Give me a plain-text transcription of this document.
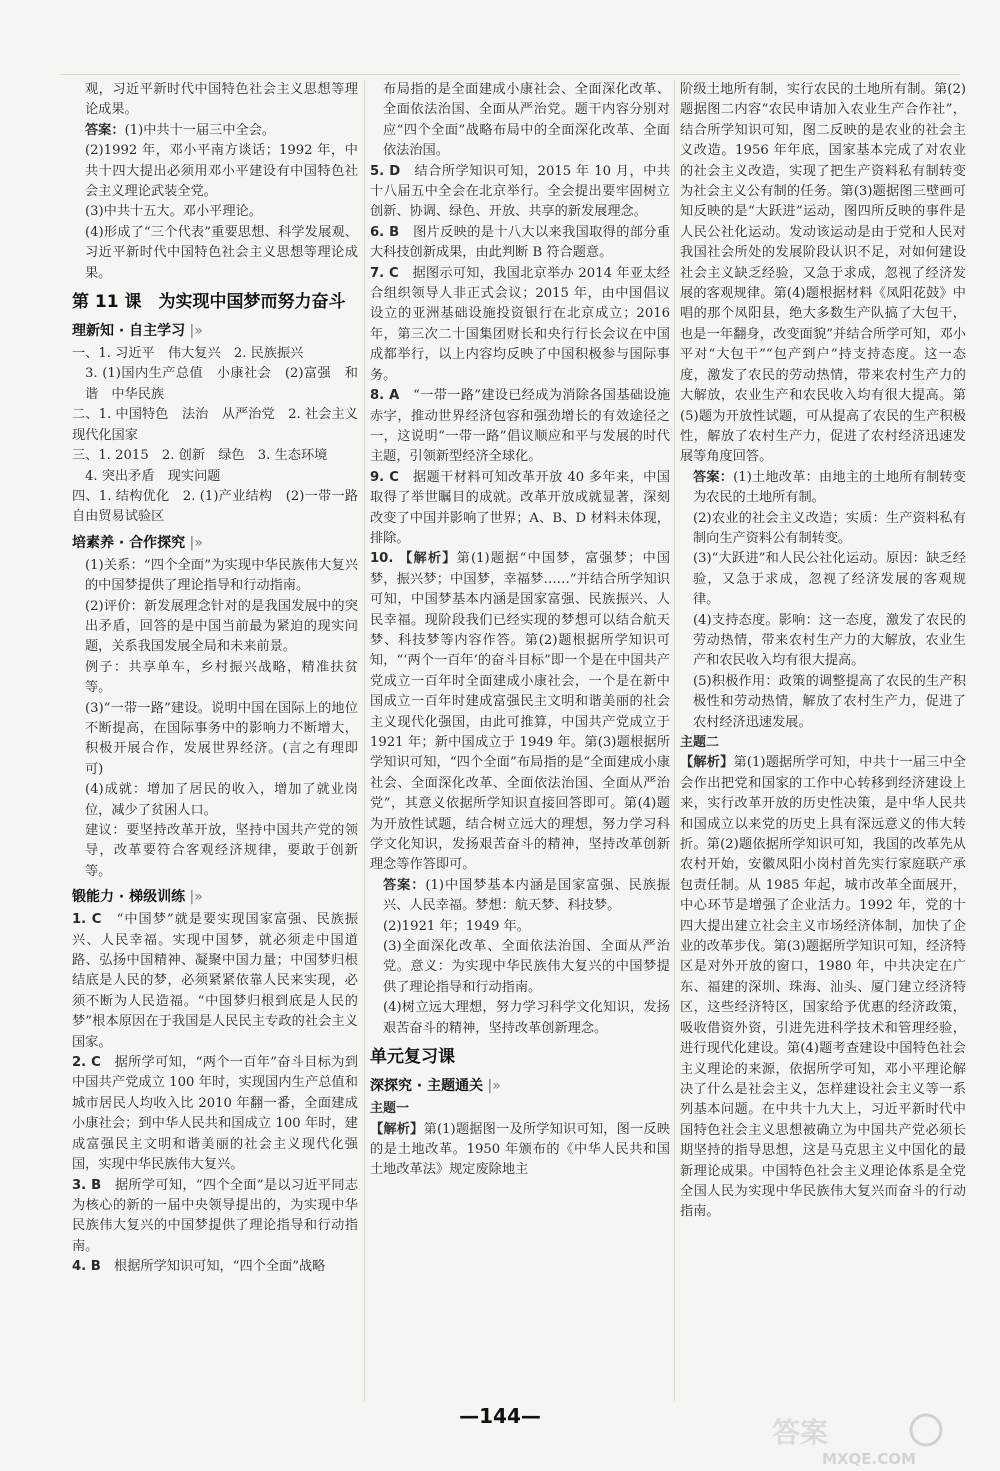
观，习近平新时代中国特色社会主义思想等理论成果。

答案：(1)中共十一届三中全会。

(2)1992 年，邓小平南方谈话；1992 年，中共十四大提出必须用邓小平建设有中国特色社会主义理论武装全党。

(3)中共十五大。邓小平理论。

(4)形成了“三个代表”重要思想、科学发展观、习近平新时代中国特色社会主义思想等理论成果。

第 11 课　为实现中国梦而努力奋斗
理新知 · 自主学习 |»

一、1. 习近平　伟大复兴　2. 民族振兴

3. (1)国内生产总值　小康社会　(2)富强　和谐　中华民族

二、1. 中国特色　法治　从严治党　2. 社会主义现代化国家

三、1. 2015　2. 创新　绿色　3. 生态环境

4. 突出矛盾　现实问题

四、1. 结构优化　2. (1)产业结构　(2)一带一路　自由贸易试验区

培素养 · 合作探究 |»

(1)关系：“四个全面”为实现中华民族伟大复兴的中国梦提供了理论指导和行动指南。

(2)评价：新发展理念针对的是我国发展中的突出矛盾，回答的是中国当前最为紧迫的现实问题，关系我国发展全局和未来前景。

例子：共享单车，乡村振兴战略，精准扶贫等。

(3)“一带一路”建设。说明中国在国际上的地位不断提高，在国际事务中的影响力不断增大，积极开展合作，发展世界经济。(言之有理即可)

(4)成就：增加了居民的收入，增加了就业岗位，减少了贫困人口。

建议：要坚持改革开放，坚持中国共产党的领导，改革要符合客观经济规律，要敢于创新等。

锻能力 · 梯级训练 |»

1. C　 “中国梦”就是要实现国家富强、民族振兴、人民幸福。实现中国梦，就必须走中国道路、弘扬中国精神、凝聚中国力量；中国梦归根结底是人民的梦，必须紧紧依靠人民来实现，必须不断为人民造福。“中国梦归根到底是人民的梦”根本原因在于我国是人民民主专政的社会主义国家。

2. C　 据所学可知，“两个一百年”奋斗目标为到中国共产党成立 100 年时，实现国内生产总值和城市居民人均收入比 2010 年翻一番，全面建成小康社会；到中华人民共和国成立 100 年时，建成富强民主文明和谐美丽的社会主义现代化强国，实现中华民族伟大复兴。

3. B　 据所学可知，“四个全面”是以习近平同志为核心的新的一届中央领导提出的，为实现中华民族伟大复兴的中国梦提供了理论指导和行动指南。

4. B　 根据所学知识可知，“四个全面”战略

布局指的是全面建成小康社会、全面深化改革、全面依法治国、全面从严治党。题干内容分别对应“四个全面”战略布局中的全面深化改革、全面依法治国。

5. D　 结合所学知识可知，2015 年 10 月，中共十八届五中全会在北京举行。全会提出要牢固树立创新、协调、绿色、开放、共享的新发展理念。

6. B　 图片反映的是十八大以来我国取得的部分重大科技创新成果，由此判断 B 符合题意。

7. C　 据图示可知，我国北京举办 2014 年亚太经合组织领导人非正式会议；2015 年，由中国倡议设立的亚洲基础设施投资银行在北京成立；2016 年，第三次二十国集团财长和央行行长会议在中国成都举行，以上内容均反映了中国积极参与国际事务。

8. A　 “一带一路”建设已经成为消除各国基础设施赤字，推动世界经济包容和强劲增长的有效途径之一，这说明“一带一路”倡议顺应和平与发展的时代主题，引领新型经济全球化。

9. C　 据题干材料可知改革开放 40 多年来，中国取得了举世瞩目的成就。改革开放成就显著，深刻改变了中国并影响了世界；A、B、D 材料未体现，排除。

10. 【解析】第(1)题据“中国梦，富强梦；中国梦，振兴梦；中国梦，幸福梦……”并结合所学知识可知，中国梦基本内涵是国家富强、民族振兴、人民幸福。现阶段我们已经实现的梦想可以结合航天梦、科技梦等内容作答。第(2)题根据所学知识可知，“‘两个一百年’的奋斗目标”即一个是在中国共产党成立一百年时全面建成小康社会，一个是在新中国成立一百年时建成富强民主文明和谐美丽的社会主义现代化强国，由此可推算，中国共产党成立于 1921 年；新中国成立于 1949 年。第(3)题根据所学知识可知，“四个全面”布局指的是“全面建成小康社会、全面深化改革、全面依法治国、全面从严治党”，其意义依据所学知识直接回答即可。第(4)题为开放性试题，结合树立远大的理想，努力学习科学文化知识，发扬艰苦奋斗的精神，坚持改革创新理念等作答即可。

答案：(1)中国梦基本内涵是国家富强、民族振兴、人民幸福。梦想：航天梦、科技梦。

(2)1921 年；1949 年。

(3)全面深化改革、全面依法治国、全面从严治党。意义：为实现中华民族伟大复兴的中国梦提供了理论指导和行动指南。

(4)树立远大理想，努力学习科学文化知识，发扬艰苦奋斗的精神，坚持改革创新理念。

单元复习课
深探究 · 主题通关 |»
主题一

【解析】第(1)题据图一及所学知识可知，图一反映的是土地改革。1950 年颁布的《中华人民共和国土地改革法》规定废除地主

阶级土地所有制，实行农民的土地所有制。第(2)题据图二内容“农民申请加入农业生产合作社”，结合所学知识可知，图二反映的是农业的社会主义改造。1956 年年底，国家基本完成了对农业的社会主义改造，实现了把生产资料私有制转变为社会主义公有制的任务。第(3)题据图三壁画可知反映的是“大跃进”运动，图四所反映的事件是人民公社化运动。发动该运动是由于党和人民对我国社会所处的发展阶段认识不足，对如何建设社会主义缺乏经验，又急于求成，忽视了经济发展的客观规律。第(4)题根据材料《凤阳花鼓》中唱的那个凤阳县，绝大多数生产队搞了大包干，也是一年翻身，改变面貌”并结合所学可知，邓小平对“大包干”“包产到户”持支持态度。这一态度，激发了农民的劳动热情，带来农村生产力的大解放，农业生产和农民收入均有很大提高。第(5)题为开放性试题，可从提高了农民的生产积极性，解放了农村生产力，促进了农村经济迅速发展等角度回答。

答案：(1)土地改革：由地主的土地所有制转变为农民的土地所有制。

(2)农业的社会主义改造；实质：生产资料私有制向生产资料公有制转变。

(3)“大跃进”和人民公社化运动。原因：缺乏经验，又急于求成，忽视了经济发展的客观规律。

(4)支持态度。影响：这一态度，激发了农民的劳动热情，带来农村生产力的大解放，农业生产和农民收入均有很大提高。

(5)积极作用：政策的调整提高了农民的生产积极性和劳动热情，解放了农村生产力，促进了农村经济迅速发展。

主题二

【解析】第(1)题据所学可知，中共十一届三中全会作出把党和国家的工作中心转移到经济建设上来，实行改革开放的历史性决策，是中华人民共和国成立以来党的历史上具有深远意义的伟大转折。第(2)题依据所学知识可知，我国的改革先从农村开始，安徽凤阳小岗村首先实行家庭联产承包责任制。从 1985 年起，城市改革全面展开，中心环节是增强了企业活力。1992 年，党的十四大提出建立社会主义市场经济体制，加快了企业的改革步伐。第(3)题据所学知识可知，经济特区是对外开放的窗口，1980 年，中共决定在广东、福建的深圳、珠海、汕头、厦门建立经济特区，这些经济特区，国家给予优惠的经济政策，吸收借资外资，引进先进科学技术和管理经验，进行现代化建设。第(4)题考查建设中国特色社会主义理论的来源，依据所学可知，邓小平理论解决了什么是社会主义，怎样建设社会主义等一系列基本问题。在中共十九大上，习近平新时代中国特色社会主义思想被确立为中国共产党必须长期坚持的指导思想，这是马克思主义中国化的最新理论成果。中国特色社会主义理论体系是全党全国人民为实现中华民族伟大复兴而奋斗的行动指南。

—144—	答案
MXQE.COM
